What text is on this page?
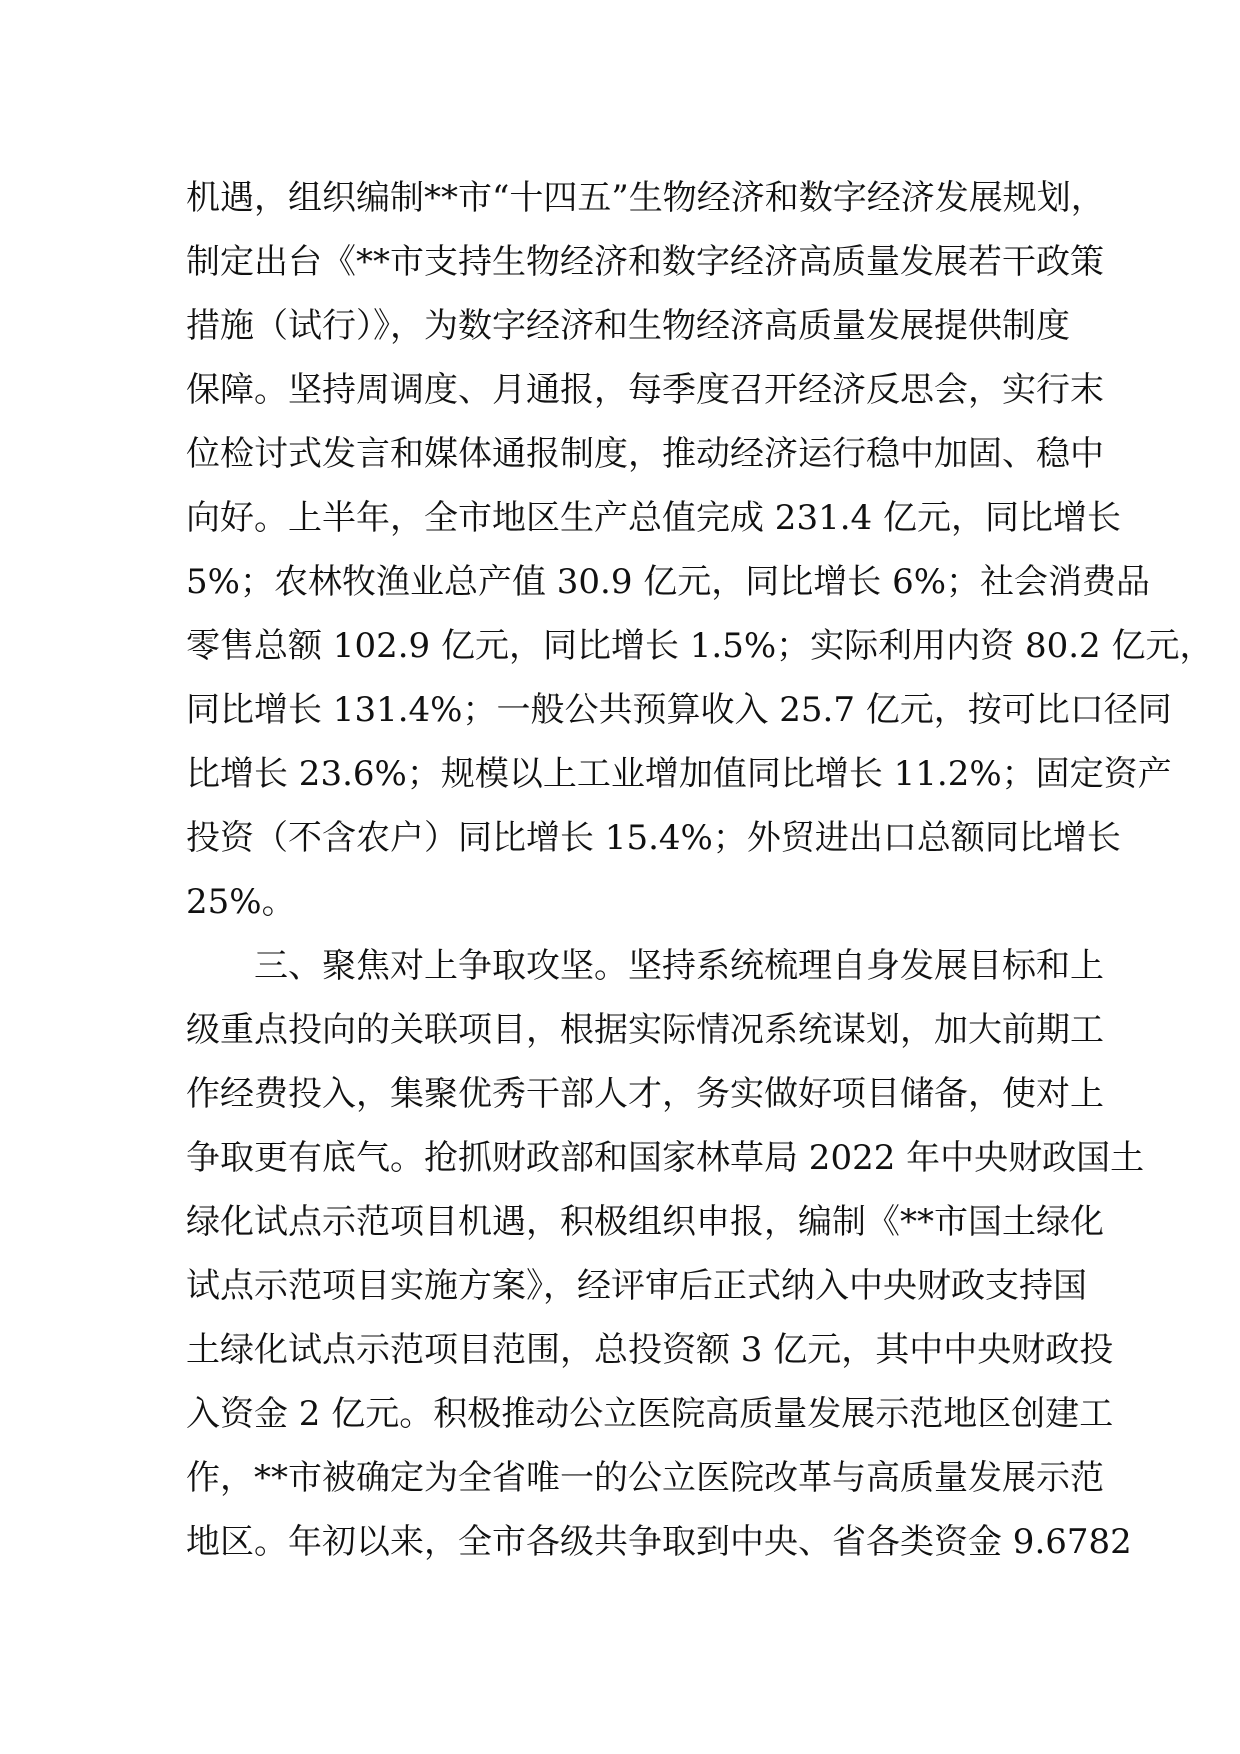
机遇，组织编制**市“十四五”生物经济和数字经济发展规划，
制定出台《**市支持生物经济和数字经济高质量发展若干政策
措施（试行）》，为数字经济和生物经济高质量发展提供制度
保障。坚持周调度、月通报，每季度召开经济反思会，实行末
位检讨式发言和媒体通报制度，推动经济运行稳中加固、稳中
向好。上半年，全市地区生产总值完成 231.4 亿元，同比增长
5%；农林牧渔业总产值 30.9 亿元，同比增长 6%；社会消费品
零售总额 102.9 亿元，同比增长 1.5%；实际利用内资 80.2 亿元，
同比增长 131.4%；一般公共预算收入 25.7 亿元，按可比口径同
比增长 23.6%；规模以上工业增加值同比增长 11.2%；固定资产
投资（不含农户）同比增长 15.4%；外贸进出口总额同比增长
25%。
三、聚焦对上争取攻坚。坚持系统梳理自身发展目标和上
级重点投向的关联项目，根据实际情况系统谋划，加大前期工
作经费投入，集聚优秀干部人才，务实做好项目储备，使对上
争取更有底气。抢抓财政部和国家林草局 2022 年中央财政国土
绿化试点示范项目机遇，积极组织申报，编制《**市国土绿化
试点示范项目实施方案》，经评审后正式纳入中央财政支持国
土绿化试点示范项目范围，总投资额 3 亿元，其中中央财政投
入资金 2 亿元。积极推动公立医院高质量发展示范地区创建工
作，**市被确定为全省唯一的公立医院改革与高质量发展示范
地区。年初以来，全市各级共争取到中央、省各类资金 9.6782
